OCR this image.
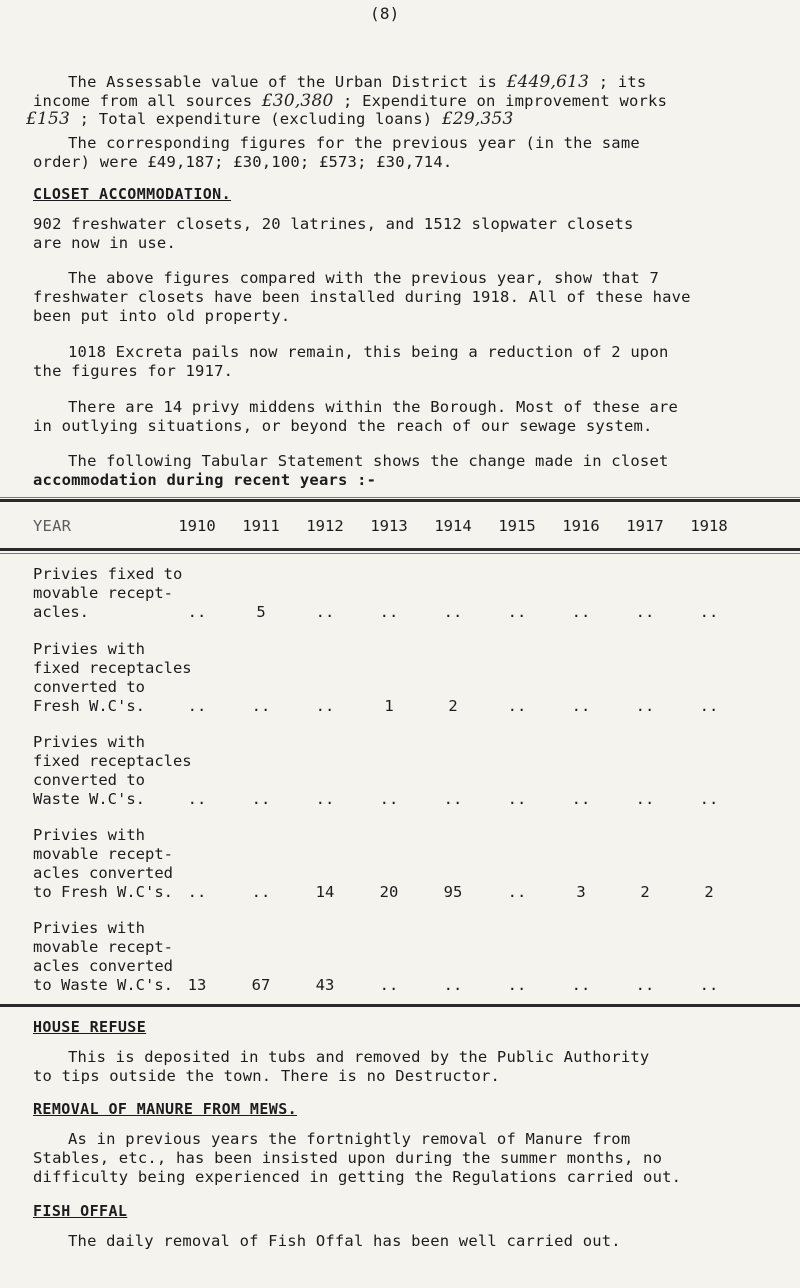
(8)
The Assessable value of the Urban District is £449,613 ; its
income from all sources £30,380 ; Expenditure on improvement works
£153 ; Total expenditure (excluding loans) £29,353
The corresponding figures for the previous year (in the same
order) were £49,187; £30,100; £573; £30,714.
CLOSET ACCOMMODATION.
902 freshwater closets, 20 latrines, and 1512 slopwater closets
are now in use.
The above figures compared with the previous year, show that 7
freshwater closets have been installed during 1918. All of these have
been put into old property.
1018 Excreta pails now remain, this being a reduction of 2 upon
the figures for 1917.
There are 14 privy middens within the Borough. Most of these are
in outlying situations, or beyond the reach of our sewage system.
The following Tabular Statement shows the change made in closet
accommodation during recent years :-
YEAR	1910	1911	1912	1913	1914	1915	1916	1917	1918
Privies fixed to
movable recept-
acles.	..	5	..	..	..	..	..	..	..
Privies with
fixed receptacles
converted to
Fresh W.C's.	..	..	..	1	2	..	..	..	..
Privies with
fixed receptacles
converted to
Waste W.C's.	..	..	..	..	..	..	..	..	..
Privies with
movable recept-
acles converted
to Fresh W.C's. ..	..	14	20	95	..	3	2	2
Privies with
movable recept-
acles converted
to Waste W.C's. 13	67	43	..	..	..	..	..	..
HOUSE REFUSE
This is deposited in tubs and removed by the Public Authority
to tips outside the town. There is no Destructor.
REMOVAL OF MANURE FROM MEWS.
As in previous years the fortnightly removal of Manure from
Stables, etc., has been insisted upon during the summer months, no
difficulty being experienced in getting the Regulations carried out.
FISH OFFAL
The daily removal of Fish Offal has been well carried out.
